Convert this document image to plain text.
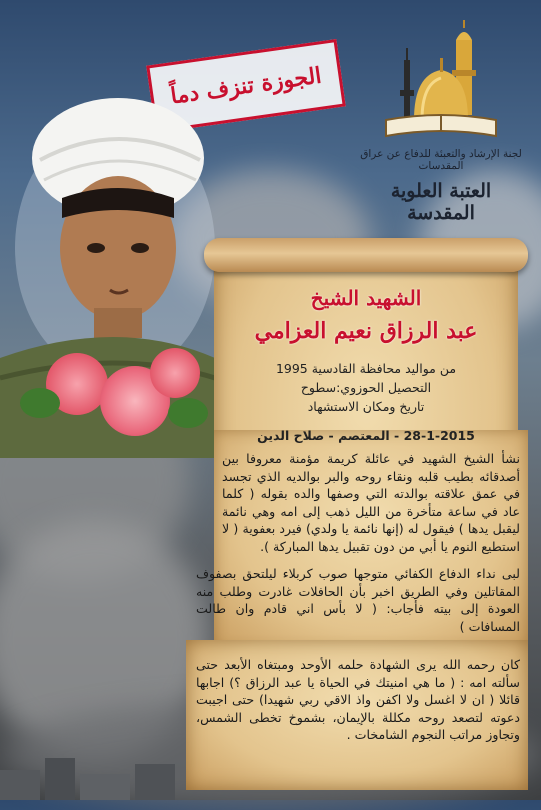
الجوزة تنزف دماً
لجنة الإرشاد والتعبئة للدفاع عن عراق المقدسات
العتبة العلوية المقدسة
الشهيد الشيخ
عبد الرزاق نعيم العزامي
من مواليد محافظة القادسية 1995
التحصيل الحوزوي:سطوح
تاريخ ومكان الاستشهاد
28-1-2015 - المعتصم - صلاح الدين
نشأ الشيخ الشهيد في عائلة كريمة مؤمنة معروفا بين أصدقائه بطيب قلبه ونقاء روحه والبر بوالديه الذي تجسد في عمق علاقته بوالدته التي وصفها والده بقوله ( كلما عاد في ساعة متأخرة من الليل ذهب إلى امه وهي نائمة ليقبل يدها ) فيقول له (إنها نائمة يا ولدي) فيرد بعفوية ( لا استطيع النوم يا أبي من دون تقبيل يدها المباركة ).
لبى نداء الدفاع الكفائي متوجها صوب كربلاء ليلتحق بصفوف المقاتلين وفي الطريق اخبر بأن الحافلات غادرت وطلب منه العودة إلى بيته فأجاب: ( لا بأس اني قادم وان طالت المسافات )
كان رحمه الله يرى الشهادة حلمه الأوحد ومبتغاه الأبعد حتى سألته امه : ( ما هي امنيتك في الحياة يا عبد الرزاق ؟) اجابها قائلا ( ان لا اغسل ولا اكفن واذ الاقي ربي شهيدا) حتى اجيبت دعوته لتصعد روحه مكللة بالإيمان، بشموخ تخطى الشمس، وتجاوز مراتب النجوم الشامخات .
